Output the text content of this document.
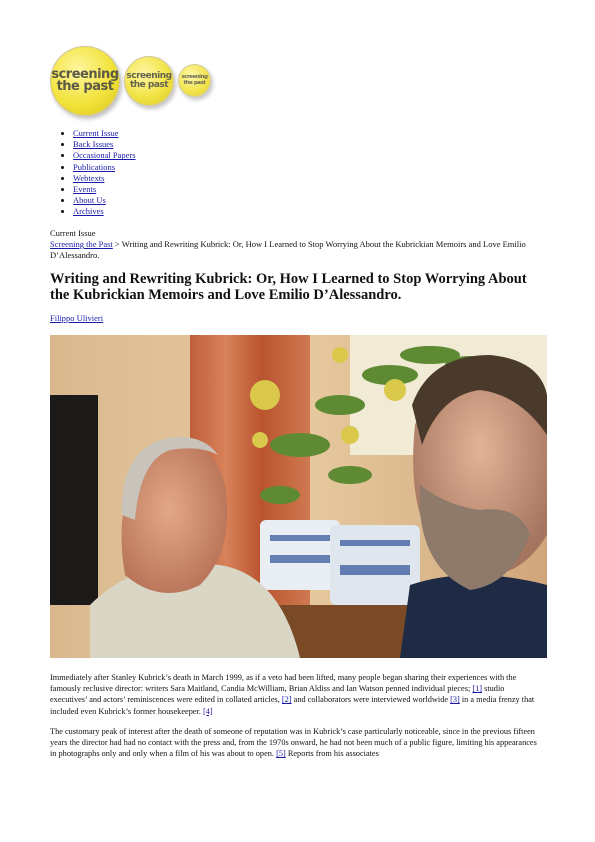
screening
the past
screening
the past
screening
the past
• Current Issue
• Back Issues
• Occasional Papers
• Publications
• Webtexts
• Events
• About Us
• Archives
Current Issue
Screening the Past > Writing and Rewriting Kubrick: Or, How I Learned to Stop Worrying About the Kubrickian Memoirs and Love Emilio D’Alessandro.
Writing and Rewriting Kubrick: Or, How I Learned to Stop Worrying About the Kubrickian Memoirs and Love Emilio D’Alessandro.
Filippo Ulivieri
Immediately after Stanley Kubrick’s death in March 1999, as if a veto had been lifted, many people began sharing their experiences with the famously reclusive director: writers Sara Maitland, Candia McWilliam, Brian Aldiss and Ian Watson penned individual pieces; [1] studio executives’ and actors’ reminiscences were edited in collated articles, [2] and collaborators were interviewed worldwide [3] in a media frenzy that included even Kubrick’s former housekeeper. [4]
The customary peak of interest after the death of someone of reputation was in Kubrick’s case particularly noticeable, since in the previous fifteen years the director had had no contact with the press and, from the 1970s onward, he had not been much of a public figure, limiting his appearances in photographs only and only when a film of his was about to open. [5] Reports from his associates
